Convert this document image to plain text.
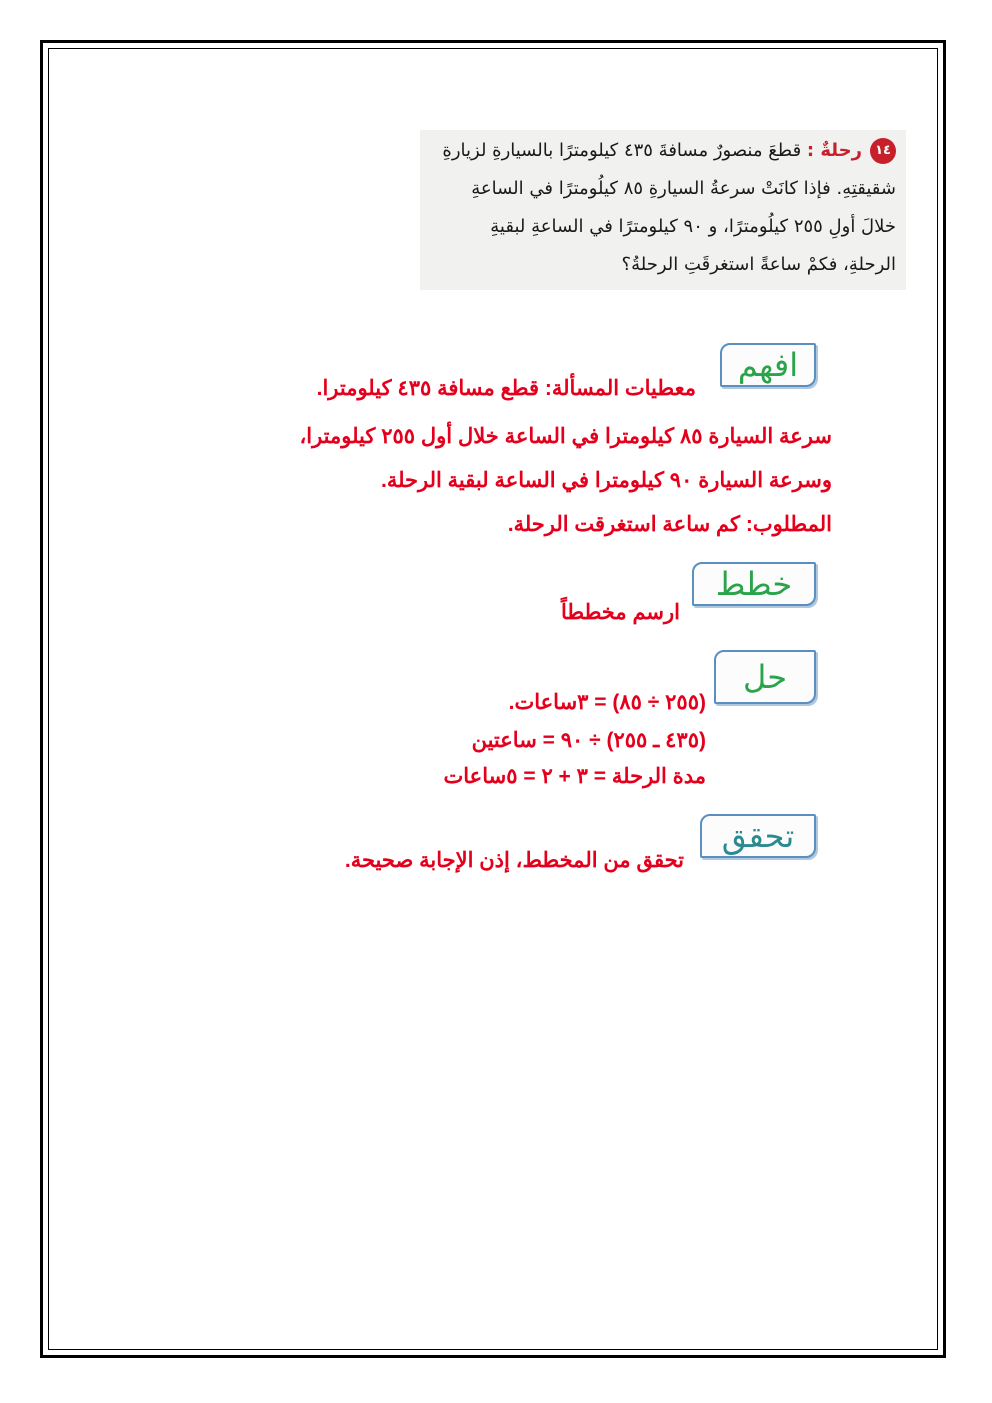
١٤رحلةٌ : قطعَ منصورٌ مسافةَ ٤٣٥ كيلومترًا بالسيارةِ لزيارةِ
شقيقتِهِ. فإذا كانَتْ سرعةُ السيارةِ ٨٥ كيلُومترًا في الساعةِ
خلالَ أولِ ٢٥٥ كيلُومترًا، و ٩٠ كيلومترًا في الساعةِ لبقيةِ
الرحلةِ، فكمْ ساعةً استغرقَتِ الرحلةُ؟
افهم
معطيات المسألة: قطع مسافة ٤٣٥ كيلومترا.
سرعة السيارة ٨٥ كيلومترا في الساعة خلال أول ٢٥٥ كيلومترا،
وسرعة السيارة ٩٠ كيلومترا في الساعة لبقية الرحلة.
المطلوب: كم ساعة استغرقت الرحلة.
خطط
ارسم مخططاً
حل
(٢٥٥ ÷ ٨٥) = ٣ساعات.
(٤٣٥ ـ ٢٥٥) ÷ ٩٠ = ساعتين
مدة الرحلة = ٣ + ٢ = ٥ساعات
تحقق
تحقق من المخطط، إذن الإجابة صحيحة.
